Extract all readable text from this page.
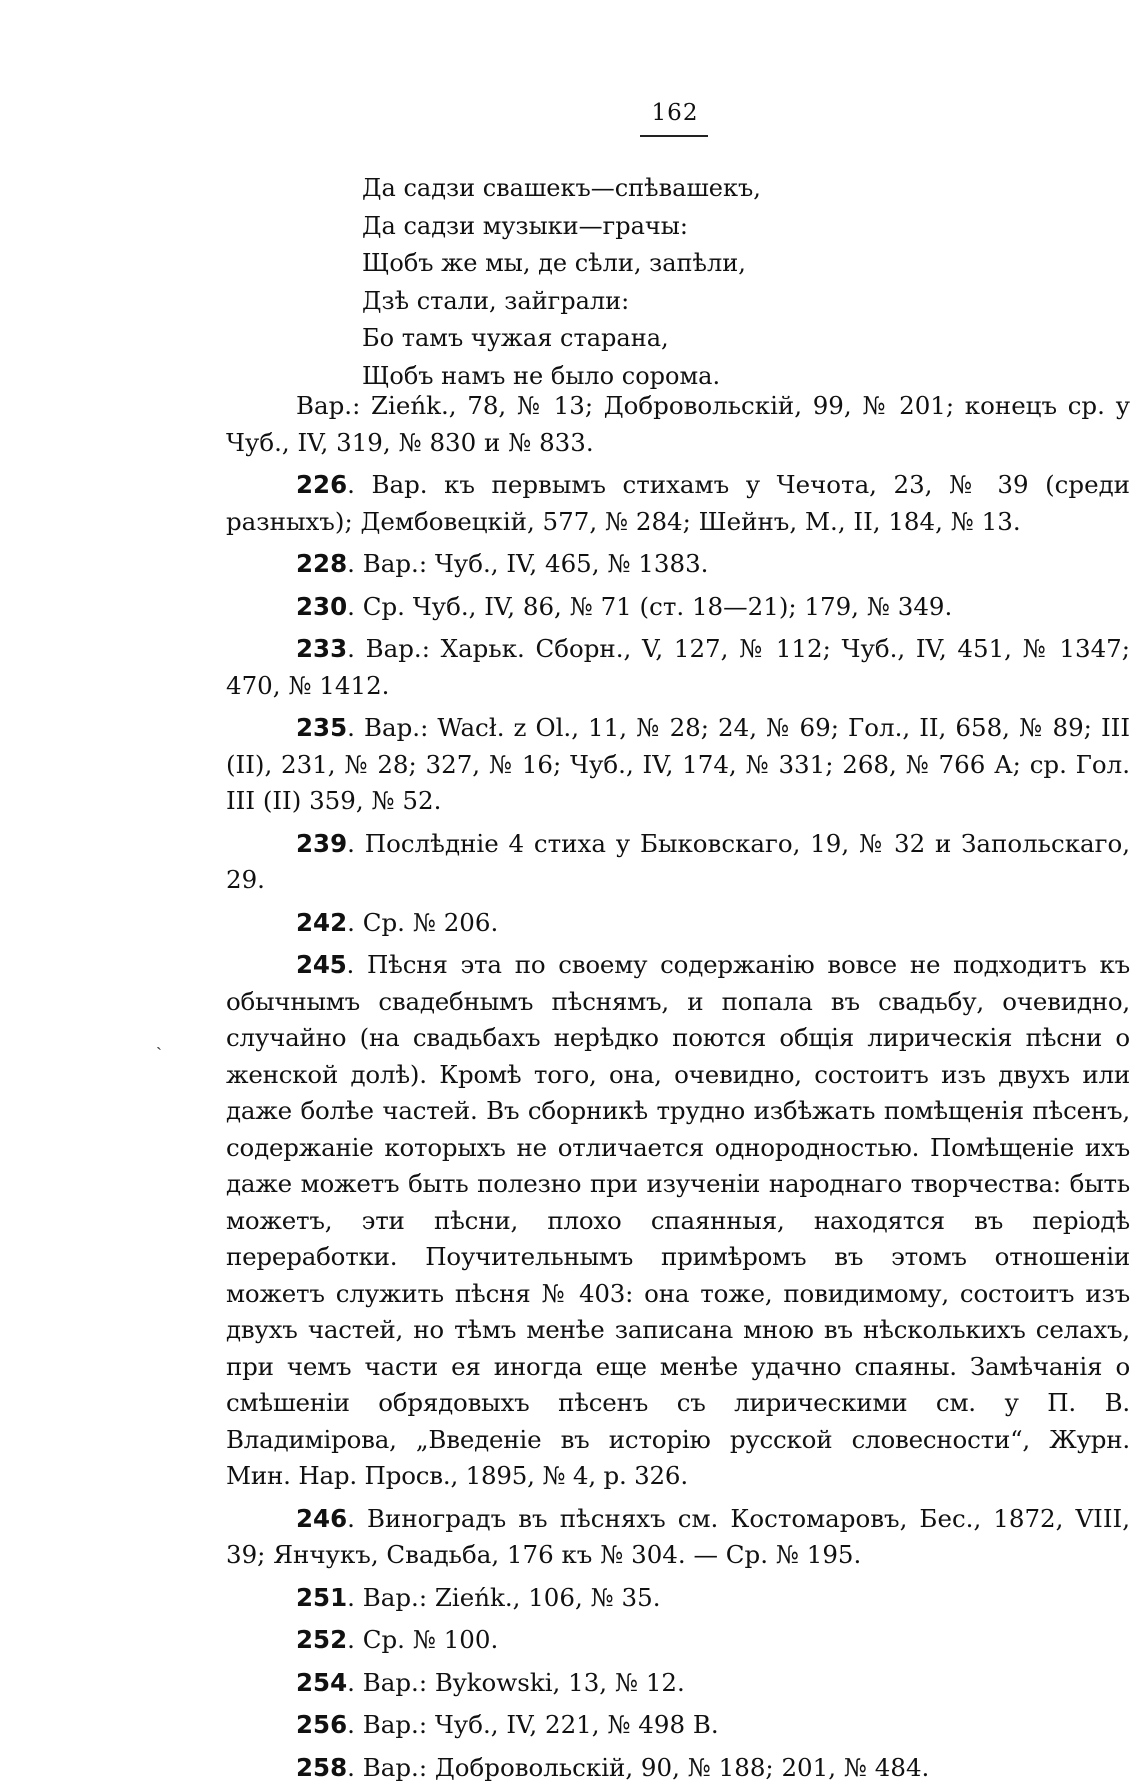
162
ˏ
Да садзи свашекъ—спѣвашекъ,
Да садзи музыки—грачы:
Щобъ же мы, де сѣли, запѣли,
Дзѣ стали, зайграли:
Бо тамъ чужая старана,
Щобъ намъ не было сорома.

Вар.: Zieńk., 78, № 13; Добровольскій, 99, № 201; конецъ ср. у Чуб., IV, 319, № 830 и № 833.

226. Вар. къ первымъ стихамъ у Чечота, 23, № 39 (среди разныхъ); Дембовецкій, 577, № 284; Шейнъ, М., II, 184, № 13.

228. Вар.: Чуб., IV, 465, № 1383.

230. Ср. Чуб., IV, 86, № 71 (ст. 18—21); 179, № 349.

233. Вар.: Харьк. Сборн., V, 127, № 112; Чуб., IV, 451, № 1347; 470, № 1412.

235. Вар.: Wacł. z Ol., 11, № 28; 24, № 69; Гол., II, 658, № 89; III (II), 231, № 28; 327, № 16; Чуб., IV, 174, № 331; 268, № 766 А; ср. Гол. III (II) 359, № 52.

239. Послѣдніе 4 стиха у Быковскаго, 19, № 32 и Запольскаго, 29.

242. Ср. № 206.

245. Пѣсня эта по своему содержанію вовсе не подходитъ къ обычнымъ свадебнымъ пѣснямъ, и попала въ свадьбу, очевидно, случайно (на свадьбахъ нерѣдко поются общія лирическія пѣсни о женской долѣ). Кромѣ того, она, очевидно, состоитъ изъ двухъ или даже болѣе частей. Въ сборникѣ трудно избѣжать помѣщенія пѣсенъ, содержаніе которыхъ не отличается однородностью. Помѣщеніе ихъ даже можетъ быть полезно при изученіи народнаго творчества: быть можетъ, эти пѣсни, плохо спаянныя, находятся въ періодѣ переработки. Поучительнымъ примѣромъ въ этомъ отношеніи можетъ служить пѣсня № 403: она тоже, повидимому, состоитъ изъ двухъ частей, но тѣмъ менѣе записана мною въ нѣсколькихъ селахъ, при чемъ части ея иногда еще менѣе удачно спаяны. Замѣчанія о смѣшеніи обрядовыхъ пѣсенъ съ лирическими см. у П. В. Владимірова, „Введеніе въ исторію русской словесности“, Журн. Мин. Нар. Просв., 1895, № 4, р. 326.

246. Виноградъ въ пѣсняхъ см. Костомаровъ, Бес., 1872, VIII, 39; Янчукъ, Свадьба, 176 къ № 304. — Ср. № 195.

251. Вар.: Zieńk., 106, № 35.

252. Ср. № 100.

254. Вар.: Bykowski, 13, № 12.

256. Вар.: Чуб., IV, 221, № 498 В.

258. Вар.: Добровольскій, 90, № 188; 201, № 484.
